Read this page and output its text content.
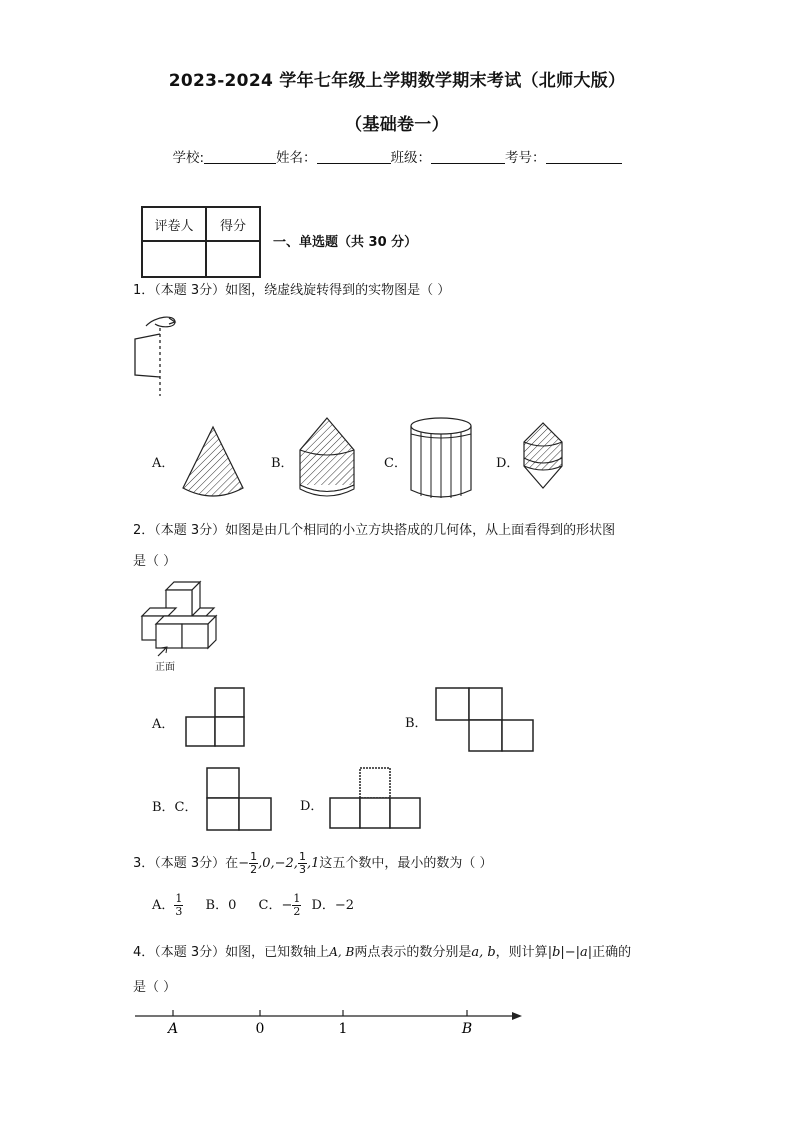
2023-2024 学年七年级上学期数学期末考试（北师大版）
（基础卷一）
学校:	姓名：	班级：	考号：
评卷人	得分

一、单选题（共 30 分）
1．（本题 3分）如图，绕虚线旋转得到的实物图是（ ）
A．	B．	C．	D．
2．（本题 3分）如图是由几个相同的小立方块搭成的几何体，从上面看得到的形状图
是（ ）
正面
A．	B．
B．C．	D．
3．（本题 3分）在− $\frac{1}{2} ,0,-2$, $\frac{1}{3} ,1$这五个数中，最小的数为（ ）
A． $\frac{1}{3}$ B．0 C．− $\frac{1}{2}$ D．−2
4．（本题 3分）如图，已知数轴上A, B两点表示的数分别是a, b，则计算|b|−|a|正确的
是（ ）
A	0	1	B
